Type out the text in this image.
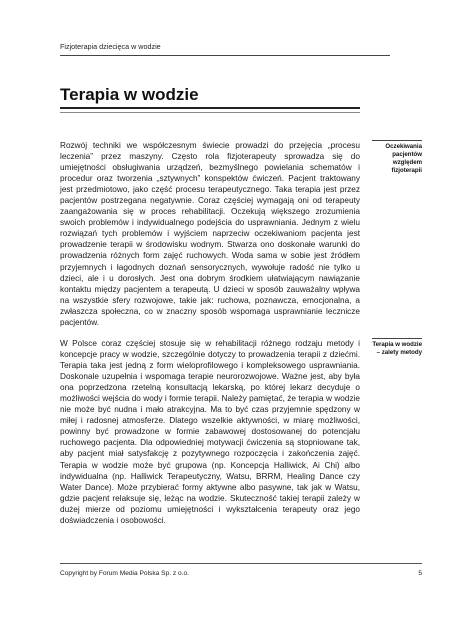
Fizjoterapia dziecięca w wodzie
Terapia w wodzie

Rozwój techniki we współczesnym świecie prowadzi do przejęcia „procesu leczenia” przez maszyny. Często rola fizjoterapeuty sprowadza się do umiejętności obsługiwania urządzeń, bezmyślnego powielania schematów i procedur oraz tworzenia „sztywnych” konspektów ćwiczeń. Pacjent traktowany jest przedmiotowo, jako część procesu terapeutycznego. Taka terapia jest przez pacjentów postrzegana negatywnie. Coraz częściej wymagają oni od terapeuty zaangażowania się w proces rehabilitacji. Oczekują większego zrozumienia swoich problemów i indywidualnego podejścia do usprawniania. Jednym z wielu rozwiązań tych problemów i wyjściem naprzeciw oczekiwaniom pacjenta jest prowadzenie terapii w środowisku wodnym. Stwarza ono doskonałe warunki do prowadzenia różnych form zajęć ruchowych. Woda sama w sobie jest źródłem przyjemnych i łagodnych doznań sensorycznych, wywołuje radość nie tylko u dzieci, ale i u dorosłych. Jest ona dobrym środkiem ułatwiającym nawiązanie kontaktu między pacjentem a terapeutą. U dzieci w sposób zauważalny wpływa na wszystkie sfery rozwojowe, takie jak: ruchowa, poznawcza, emocjonalna, a zwłaszcza społeczna, co w znaczny sposób wspomaga usprawnianie lecznicze pacjentów.

W Polsce coraz częściej stosuje się w rehabilitacji różnego rodzaju metody i koncepcje pracy w wodzie, szczególnie dotyczy to prowadzenia terapii z dziećmi. Terapia taka jest jedną z form wieloprofilowego i kompleksowego usprawniania. Doskonale uzupełnia i wspomaga terapie neurorozwojowe. Ważne jest, aby była ona poprzedzona rzetelną konsultacją lekarską, po której lekarz decyduje o możliwości wejścia do wody i formie terapii. Należy pamiętać, że terapia w wodzie nie może być nudna i mało atrakcyjna. Ma to być czas przyjemnie spędzony w miłej i radosnej atmosferze. Dlatego wszelkie aktywności, w miarę możliwości, powinny być prowadzone w formie zabawowej dostosowanej do potencjału ruchowego pacjenta. Dla odpowiedniej motywacji ćwiczenia są stopniowane tak, aby pacjent miał satysfakcję z pozytywnego rozpoczęcia i zakończenia zajęć. Terapia w wodzie może być grupowa (np. Koncepcja Halliwick, Ai Chi) albo indywidualna (np. Halliwick Terapeutyczny, Watsu, BRRM, Healing Dance czy Water Dance). Może przybierać formy aktywne albo pasywne, tak jak w Watsu, gdzie pacjent relaksuje się, leżąc na wodzie. Skuteczność takiej terapii zależy w dużej mierze od poziomu umiejętności i wykształcenia terapeuty oraz jego doświadczenia i osobowości.

Oczekiwania pacjentów względem fizjoterapii
Terapia w wodzie – zalety metody
Copyright by Forum Media Polska Sp. z o.o.	5
